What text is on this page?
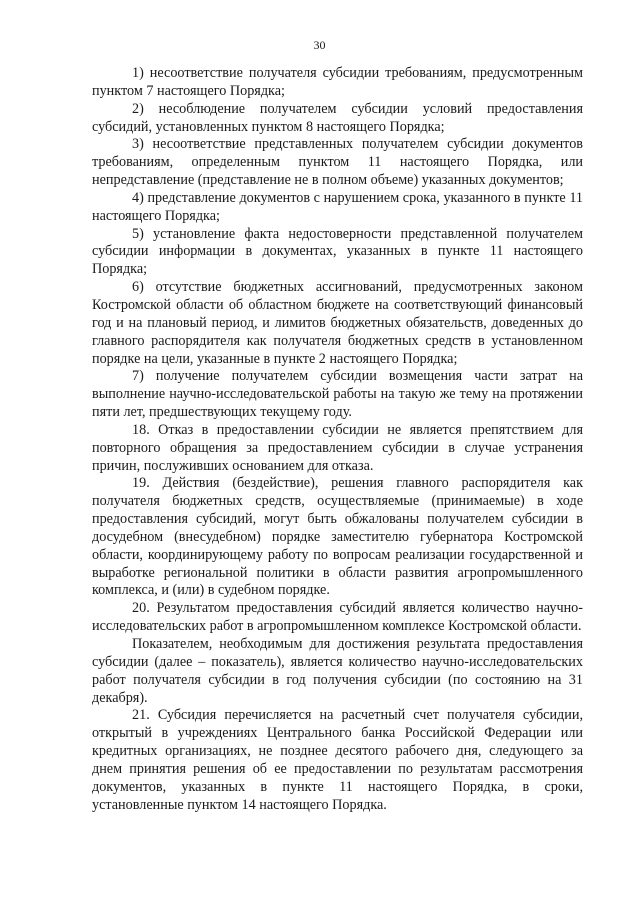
30

1) несоответствие получателя субсидии требованиям, предусмотренным пунктом 7 настоящего Порядка;

2) несоблюдение получателем субсидии условий предоставления субсидий, установленных пунктом 8 настоящего Порядка;

3) несоответствие представленных получателем субсидии документов требованиям, определенным пунктом 11 настоящего Порядка, или непредставление (представление не в полном объеме) указанных документов;

4) представление документов с нарушением срока, указанного в пункте 11 настоящего Порядка;

5) установление факта недостоверности представленной получателем субсидии информации в документах, указанных в пункте 11 настоящего Порядка;

6) отсутствие бюджетных ассигнований, предусмотренных законом Костромской области об областном бюджете на соответствующий финансовый год и на плановый период, и лимитов бюджетных обязательств, доведенных до главного распорядителя как получателя бюджетных средств в установленном порядке на цели, указанные в пункте 2 настоящего Порядка;

7) получение получателем субсидии возмещения части затрат на выполнение научно-исследовательской работы на такую же тему на протяжении пяти лет, предшествующих текущему году.

18. Отказ в предоставлении субсидии не является препятствием для повторного обращения за предоставлением субсидии в случае устранения причин, послуживших основанием для отказа.

19. Действия (бездействие), решения главного распорядителя как получателя бюджетных средств, осуществляемые (принимаемые) в ходе предоставления субсидий, могут быть обжалованы получателем субсидии в досудебном (внесудебном) порядке заместителю губернатора Костромской области, координирующему работу по вопросам реализации государственной и выработке региональной политики в области развития агропромышленного комплекса, и (или) в судебном порядке.

20. Результатом предоставления субсидий является количество научно-исследовательских работ в агропромышленном комплексе Костромской области.

Показателем, необходимым для достижения результата предоставления субсидии (далее – показатель), является количество научно-исследовательских работ получателя субсидии в год получения субсидии (по состоянию на 31 декабря).

21. Субсидия перечисляется на расчетный счет получателя субсидии, открытый в учреждениях Центрального банка Российской Федерации или кредитных организациях, не позднее десятого рабочего дня, следующего за днем принятия решения об ее предоставлении по результатам рассмотрения документов, указанных в пункте 11 настоящего Порядка, в сроки, установленные пунктом 14 настоящего Порядка.
